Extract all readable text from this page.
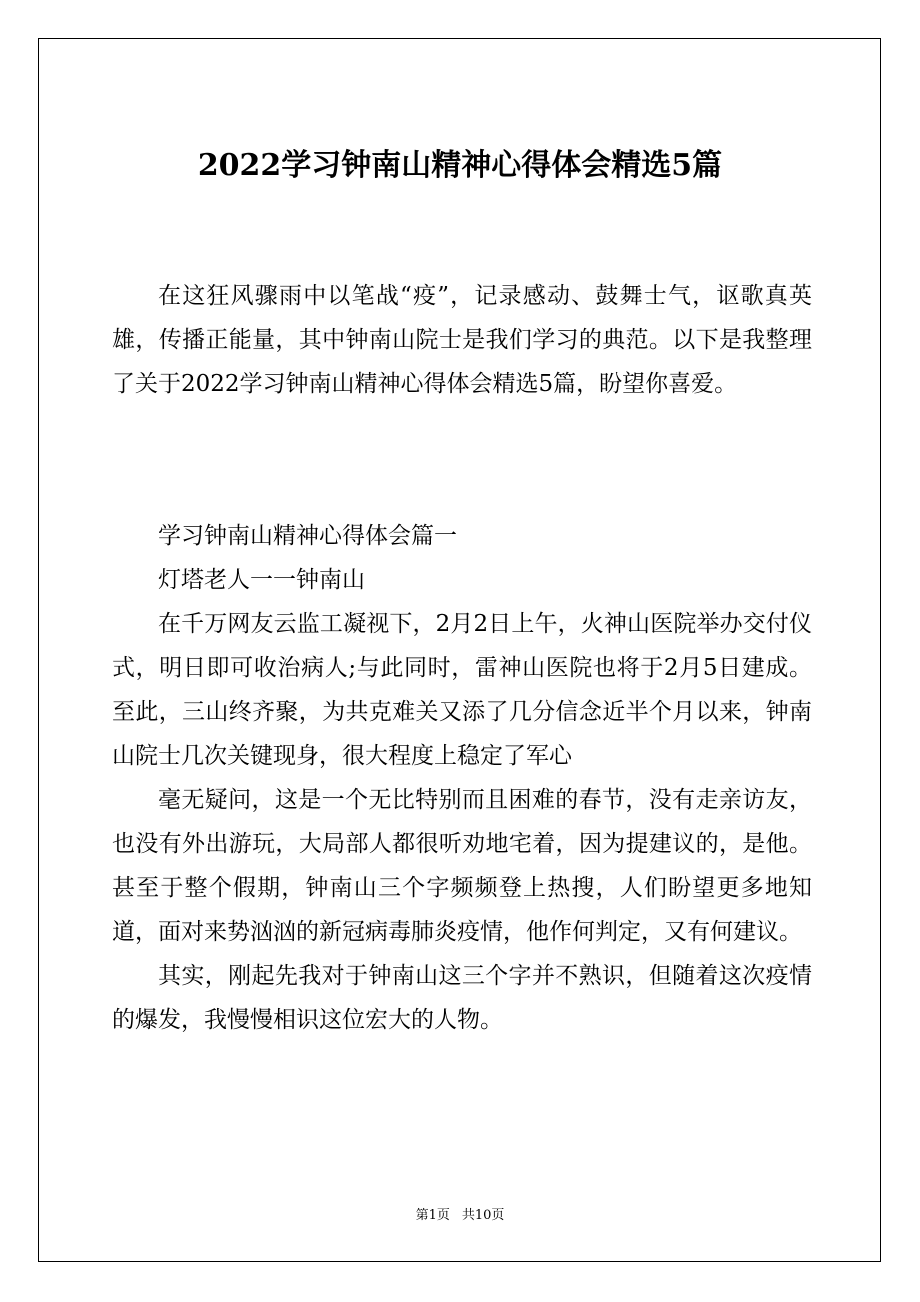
2022学习钟南山精神心得体会精选5篇

在这狂风骤雨中以笔战“疫”，记录感动、鼓舞士气，讴歌真英雄，传播正能量，其中钟南山院士是我们学习的典范。以下是我整理了关于2022学习钟南山精神心得体会精选5篇，盼望你喜爱。

学习钟南山精神心得体会篇一

灯塔老人一一钟南山

在千万网友云监工凝视下，2月2日上午，火神山医院举办交付仪式，明日即可收治病人;与此同时，雷神山医院也将于2月5日建成。至此，三山终齐聚，为共克难关又添了几分信念近半个月以来，钟南山院士几次关键现身，很大程度上稳定了军心

毫无疑问，这是一个无比特别而且困难的春节，没有走亲访友，也没有外出游玩，大局部人都很听劝地宅着，因为提建议的，是他。甚至于整个假期，钟南山三个字频频登上热搜，人们盼望更多地知道，面对来势汹汹的新冠病毒肺炎疫情，他作何判定，又有何建议。

其实，刚起先我对于钟南山这三个字并不熟识，但随着这次疫情的爆发，我慢慢相识这位宏大的人物。

第1页 共10页
